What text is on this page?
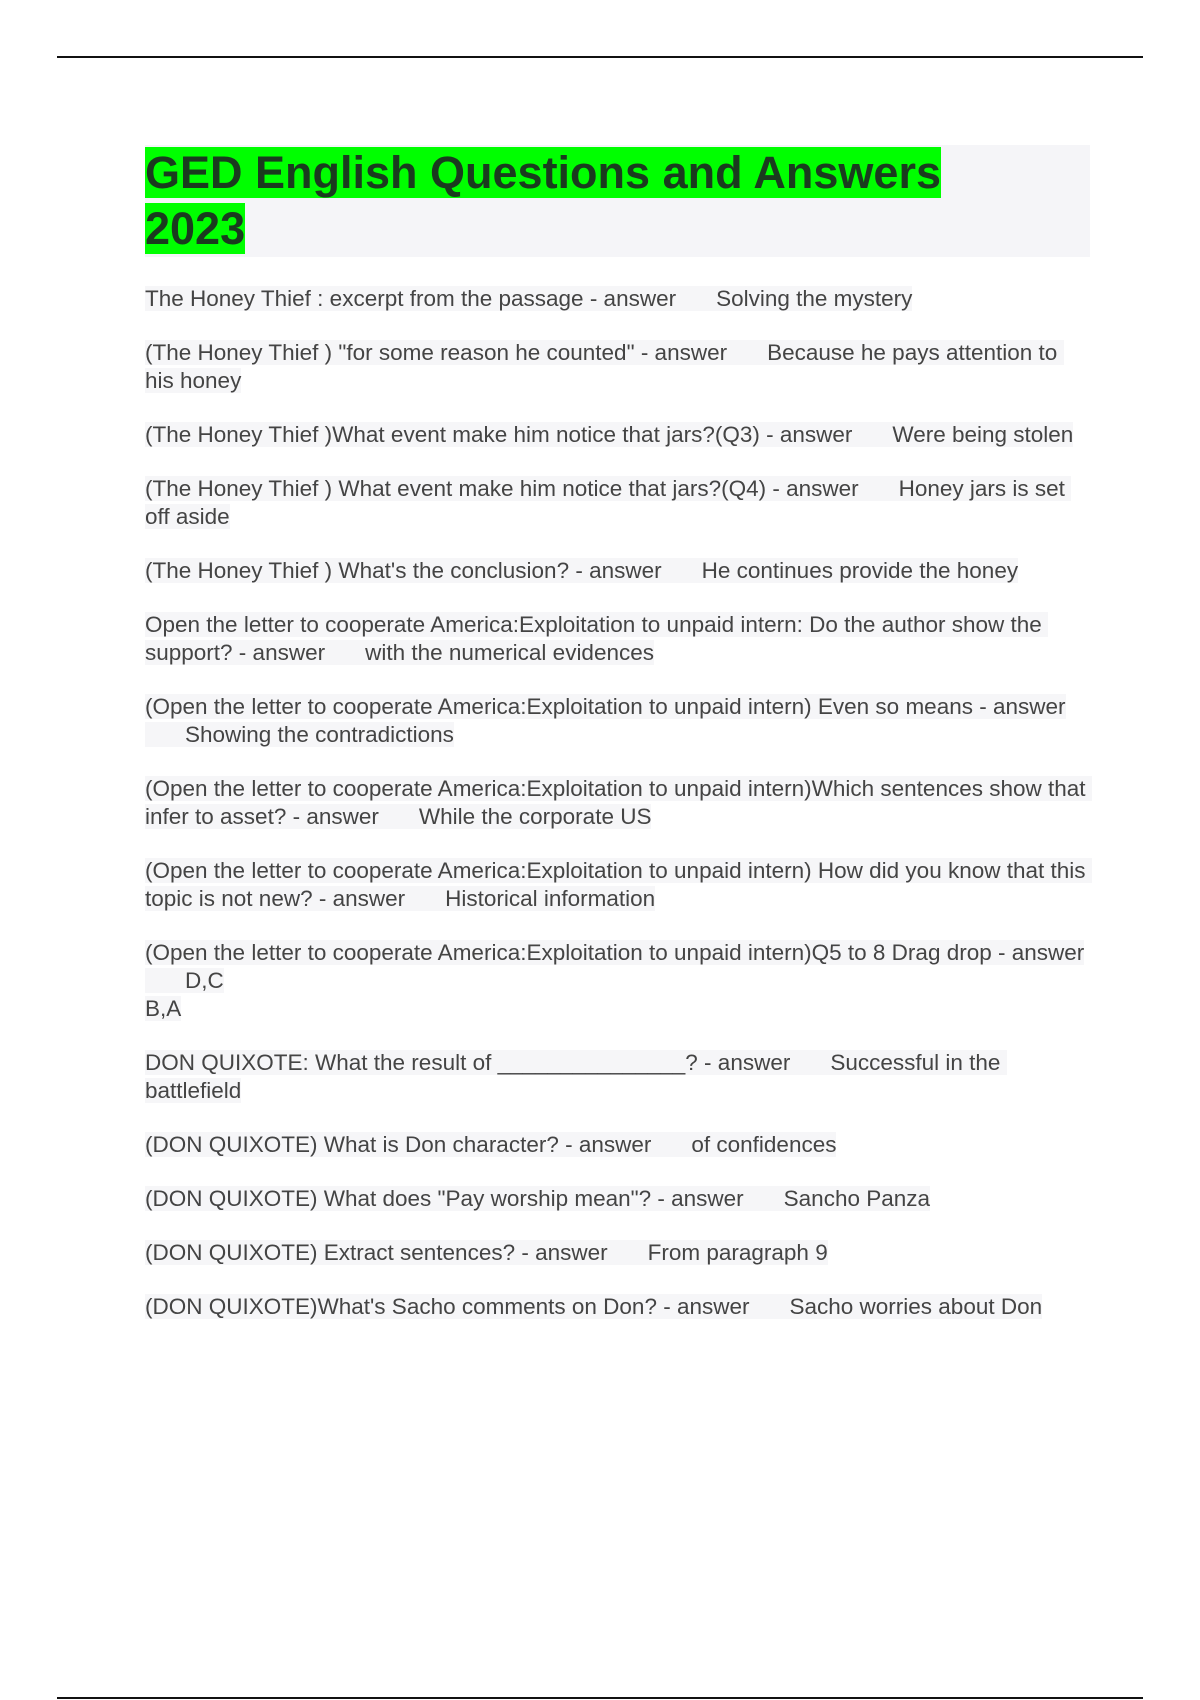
GED English Questions and Answers 2023

The Honey Thief : excerpt from the passage - answer Solving the mystery

(The Honey Thief ) "for some reason he counted" - answer Because he pays attention to his honey

(The Honey Thief )What event make him notice that jars?(Q3) - answer Were being stolen

(The Honey Thief ) What event make him notice that jars?(Q4) - answer Honey jars is set off aside

(The Honey Thief ) What's the conclusion? - answer He continues provide the honey

Open the letter to cooperate America:Exploitation to unpaid intern: Do the author show the support? - answer with the numerical evidences

(Open the letter to cooperate America:Exploitation to unpaid intern) Even so means - answerShowing the contradictions

(Open the letter to cooperate America:Exploitation to unpaid intern)Which sentences show that infer to asset? - answer While the corporate US

(Open the letter to cooperate America:Exploitation to unpaid intern) How did you know that this topic is not new? - answer Historical information

(Open the letter to cooperate America:Exploitation to unpaid intern)Q5 to 8 Drag drop - answerD,C
B,A

DON QUIXOTE: What the result of _______________? - answer Successful in the battlefield

(DON QUIXOTE) What is Don character? - answer of confidences

(DON QUIXOTE) What does "Pay worship mean"? - answer Sancho Panza

(DON QUIXOTE) Extract sentences? - answer From paragraph 9

(DON QUIXOTE)What's Sacho comments on Don? - answer Sacho worries about Don
